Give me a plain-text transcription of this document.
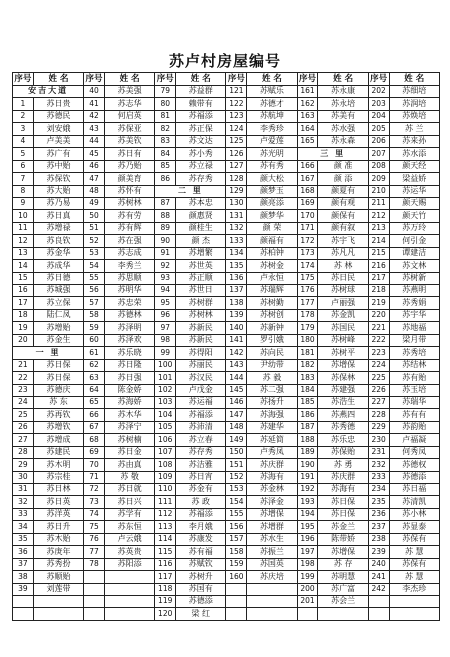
苏卢村房屋编号
序号	姓 名	序号	姓 名	序号	姓 名	序号	姓 名	序号	姓 名	序号	姓 名
安吉大道		40	苏美强	79	苏益群	121	苏赋乐	161	苏永康	202	苏细培
1	苏日贵	41	苏志华	80	赖带有	122	苏德才	162	苏永培	203	苏润培
2	苏德民	42	何启英	81	苏福添	123	苏航坤	163	苏美有	204	苏焕培
3	刘安娥	43	苏保亚	82	苏正保	124	李秀珍	164	苏水强	205	苏 兰
4	卢美美	44	苏美钦	83	苏文达	125	卢爱莲	165	苏永森	206	苏来孙
5	苏广有	45	苏日有	84	苏小秀	126	苏光明	三 里		207	苏水添
6	苏中贻	46	苏乃贻	85	苏立禄	127	苏有秀	166	颜 准	208	颜天经
7	苏保钦	47	颜美育	86	苏存秀	128	颜大松	167	颜 添	209	梁益娇
8	苏大贻	48	苏怀有	二 里		129	颜梦玉	168	颜夏有	210	苏运华
9	苏乃易	49	苏树林	87	苏本忠	130	颜亮添	169	颜有观	211	颜天赐
10	苏日真	50	苏有劳	88	颜惠贤	131	颜梦华	170	颜保有	212	颜天竹
11	苏增禄	51	苏有辉	89	颜桂生	132	颜 荣	171	颜有叙	213	苏万玲
12	苏良钦	52	苏在强	90	颜 杰	133	颜福有	172	苏宇飞	214	何引金
13	苏金华	53	苏志成	91	苏增繁	134	苏柏钟	173	苏凡凡	215	谭建洁
14	苏成华	54	李秀兰	92	苏世英	135	苏树金	174	苏 林	216	苏文林
15	苏日德	55	苏思顺	93	苏正顺	136	卢永恒	175	苏日民	217	苏树新
16	苏城强	56	苏明华	94	苏世日	137	苏瑞辉	176	苏树球	218	苏燕明
17	苏立保	57	苏忠荣	95	苏树群	138	苏树勤	177	卢丽强	219	苏秀娟
18	陆仁凤	58	苏德林	96	苏树林	139	苏树创	178	苏金凯	220	苏宇华
19	苏增贻	59	苏泽明	97	苏新民	140	苏新钟	179	苏国民	221	苏地福
20	苏金生	60	苏泽欢	98	苏新民	141	罗引娥	180	苏树峰	222	梁月带
一 里		61	苏乐晓	99	苏得阳	142	苏向民	181	苏树平	223	苏秀培
21	苏日保	62	苏日隆	100	苏丽民	143	尹幼带	182	苏增保	224	苏结林
22	苏日保	63	苏日强	101	苏汉民	144	苏 毅	183	苏保林	225	苏有贻
23	苏德庆	64	陈金娇	102	卢戊金	145	苏二强	184	苏建强	226	苏玉培
24	苏 东	65	苏海娇	103	苏运福	146	苏扬升	185	苏浩生	227	苏瑞华
25	苏再钦	66	苏木华	104	苏福添	147	苏海强	186	苏燕四	228	苏有有
26	苏增钦	67	苏泽宁	105	苏沛清	148	苏建华	187	苏秀德	229	苏韵贻
27	苏增成	68	苏树楠	106	苏立春	149	苏延简	188	苏乐忠	230	卢福凝
28	苏建民	69	苏日金	107	苏存秀	150	卢秀凤	189	苏保贻	231	何秀凤
29	苏木明	70	苏由真	108	苏洁雅	151	苏庆群	190	苏 勇	232	苏德权
30	苏宗桂	71	苏 敬	109	苏日宵	152	苏海有	191	苏庆群	233	苏德添
31	苏日林	72	苏日就	110	苏金有	153	苏金林	192	苏海有	234	苏日福
32	苏日英	73	苏日兴	111	苏 政	154	苏泽金	193	苏日保	235	苏清凯
33	苏洋英	74	苏学有	112	苏福添	155	苏增保	194	苏日保	236	苏小林
34	苏日升	75	苏东恒	113	李月娥	156	苏增群	195	苏金兰	237	苏显泰
35	苏木贻	76	卢云娥	114	苏康发	157	苏水生	196	陈带娇	238	苏保有
36	苏庚年	77	苏英贵	115	苏有福	158	苏振兰	197	苏增保	239	苏 慧
37	苏秀扮	78	苏阳添	116	苏赋钦	159	苏国英	198	苏 存	240	苏保有
38	苏顺贻			117	苏树升	160	苏庆培	199	苏明慧	241	苏 慧
39	刘莲带			118	苏国有			200	苏广富	242	李杰珍
				119	苏德添			201	苏会兰		
				120	梁 红						
